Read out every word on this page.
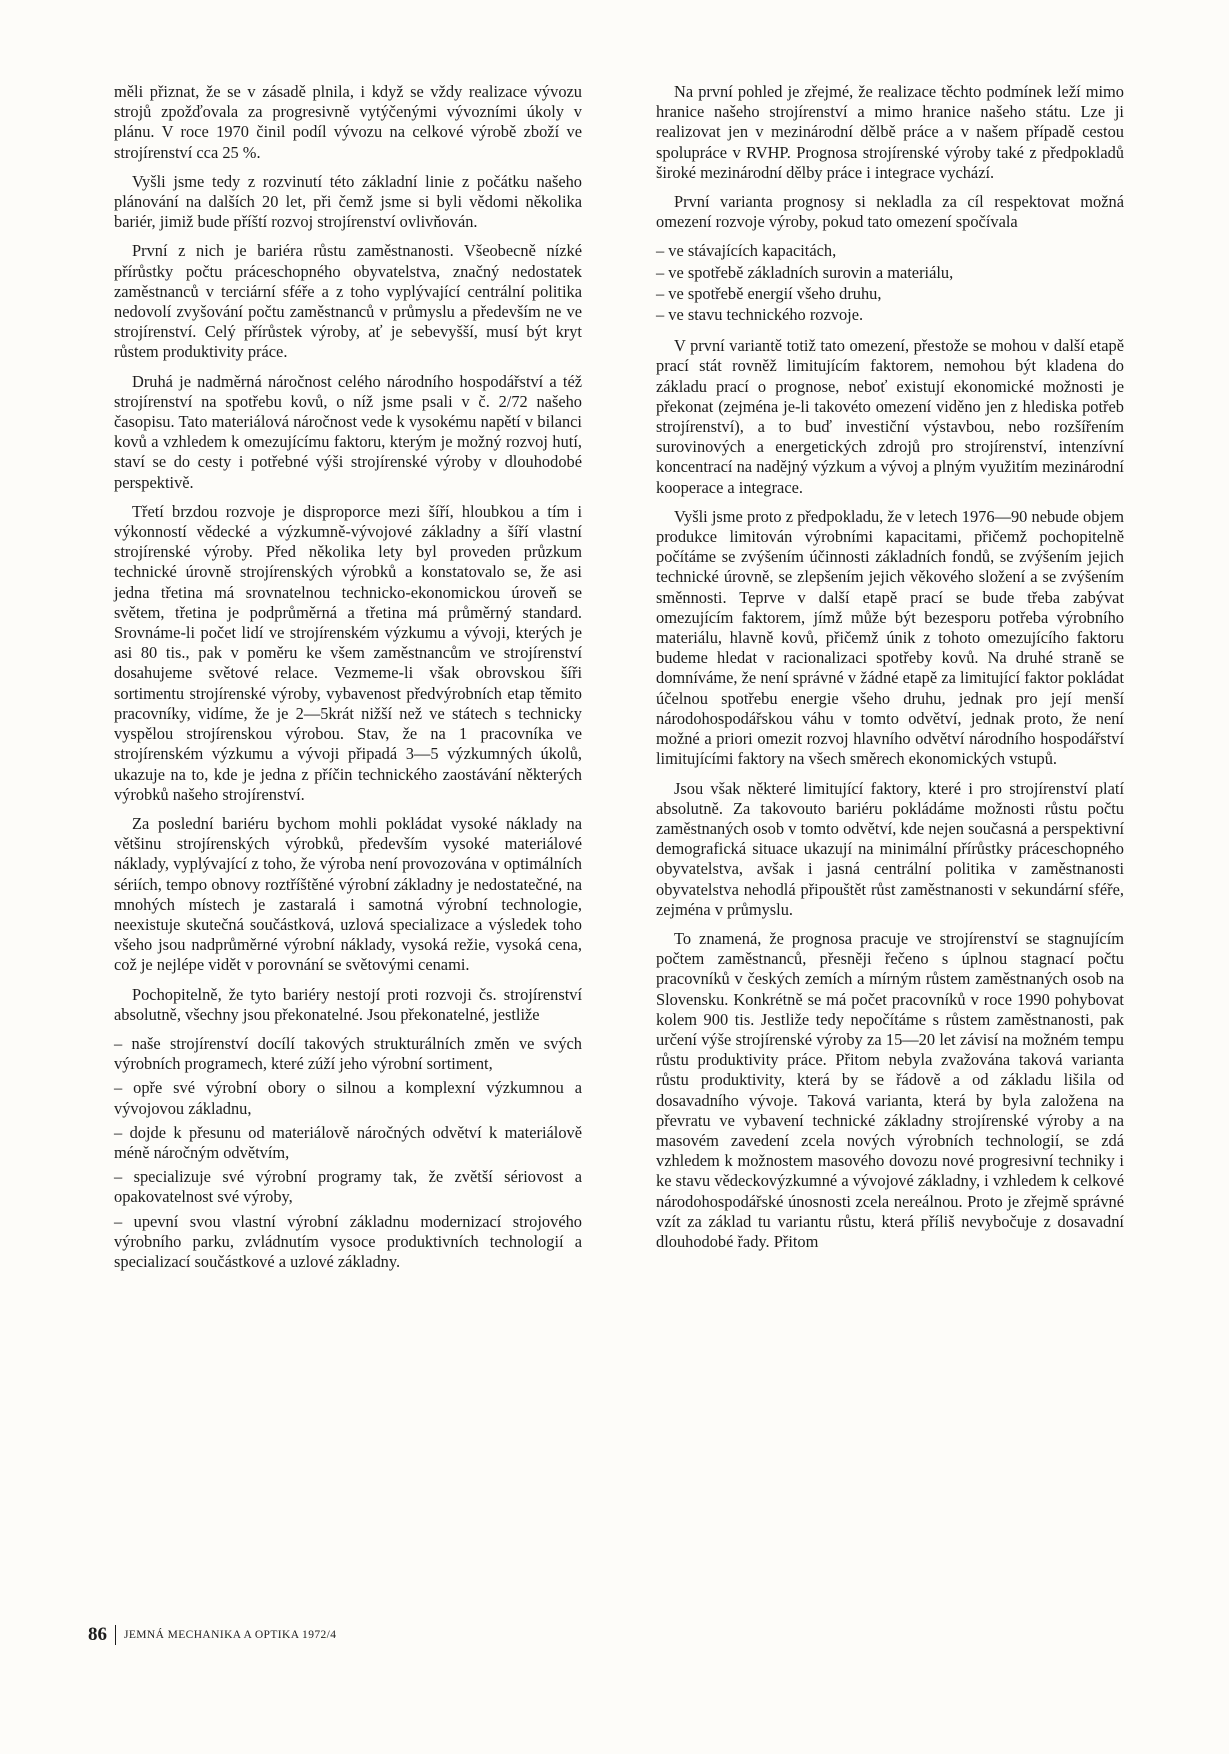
měli přiznat, že se v zásadě plnila, i když se vždy realizace vývozu strojů zpožďovala za progresivně vytýčenými vývozními úkoly v plánu. V roce 1970 činil podíl vývozu na celkové výrobě zboží ve strojírenství cca 25 %.

Vyšli jsme tedy z rozvinutí této základní linie z počátku našeho plánování na dalších 20 let, při čemž jsme si byli vědomi několika bariér, jimiž bude příští rozvoj strojírenství ovlivňován.

První z nich je bariéra růstu zaměstnanosti. Všeobecně nízké přírůstky počtu práceschopného obyvatelstva, značný nedostatek zaměstnanců v terciární sféře a z toho vyplývající centrální politika nedovolí zvyšování počtu zaměstnanců v průmyslu a především ne ve strojírenství. Celý přírůstek výroby, ať je sebevyšší, musí být kryt růstem produktivity práce.

Druhá je nadměrná náročnost celého národního hospodářství a též strojírenství na spotřebu kovů, o níž jsme psali v č. 2/72 našeho časopisu. Tato materiálová náročnost vede k vysokému napětí v bilanci kovů a vzhledem k omezujícímu faktoru, kterým je možný rozvoj hutí, staví se do cesty i potřebné výši strojírenské výroby v dlouhodobé perspektivě.

Třetí brzdou rozvoje je disproporce mezi šíří, hloubkou a tím i výkonností vědecké a výzkumně-vývojové základny a šíří vlastní strojírenské výroby. Před několika lety byl proveden průzkum technické úrovně strojírenských výrobků a konstatovalo se, že asi jedna třetina má srovnatelnou technicko-ekonomickou úroveň se světem, třetina je podprůměrná a třetina má průměrný standard. Srovnáme-li počet lidí ve strojírenském výzkumu a vývoji, kterých je asi 80 tis., pak v poměru ke všem zaměstnancům ve strojírenství dosahujeme světové relace. Vezmeme-li však obrovskou šíři sortimentu strojírenské výroby, vybavenost předvýrobních etap těmito pracovníky, vidíme, že je 2—5krát nižší než ve státech s technicky vyspělou strojírenskou výrobou. Stav, že na 1 pracovníka ve strojírenském výzkumu a vývoji připadá 3—5 výzkumných úkolů, ukazuje na to, kde je jedna z příčin technického zaostávání některých výrobků našeho strojírenství.

Za poslední bariéru bychom mohli pokládat vysoké náklady na většinu strojírenských výrobků, především vysoké materiálové náklady, vyplývající z toho, že výroba není provozována v optimálních sériích, tempo obnovy roztříštěné výrobní základny je nedostatečné, na mnohých místech je zastaralá i samotná výrobní technologie, neexistuje skutečná součástková, uzlová specializace a výsledek toho všeho jsou nadprůměrné výrobní náklady, vysoká režie, vysoká cena, což je nejlépe vidět v porovnání se světovými cenami.

Pochopitelně, že tyto bariéry nestojí proti rozvoji čs. strojírenství absolutně, všechny jsou překonatelné. Jsou překonatelné, jestliže

– naše strojírenství docílí takových strukturálních změn ve svých výrobních programech, které zúží jeho výrobní sortiment,
– opře své výrobní obory o silnou a komplexní výzkumnou a vývojovou základnu,
– dojde k přesunu od materiálově náročných odvětví k materiálově méně náročným odvětvím,
– specializuje své výrobní programy tak, že zvětší sériovost a opakovatelnost své výroby,
– upevní svou vlastní výrobní základnu modernizací strojového výrobního parku, zvládnutím vysoce produktivních technologií a specializací součástkové a uzlové základny.

Na první pohled je zřejmé, že realizace těchto podmínek leží mimo hranice našeho strojírenství a mimo hranice našeho státu. Lze ji realizovat jen v mezinárodní dělbě práce a v našem případě cestou spolupráce v RVHP. Prognosa strojírenské výroby také z předpokladů široké mezinárodní dělby práce i integrace vychází.

První varianta prognosy si nekladla za cíl respektovat možná omezení rozvoje výroby, pokud tato omezení spočívala

– ve stávajících kapacitách,
– ve spotřebě základních surovin a materiálu,
– ve spotřebě energií všeho druhu,
– ve stavu technického rozvoje.

V první variantě totiž tato omezení, přestože se mohou v další etapě prací stát rovněž limitujícím faktorem, nemohou být kladena do základu prací o prognose, neboť existují ekonomické možnosti je překonat (zejména je-li takovéto omezení viděno jen z hlediska potřeb strojírenství), a to buď investiční výstavbou, nebo rozšířením surovinových a energetických zdrojů pro strojírenství, intenzívní koncentrací na nadějný výzkum a vývoj a plným využitím mezinárodní kooperace a integrace.

Vyšli jsme proto z předpokladu, že v letech 1976—90 nebude objem produkce limitován výrobními kapacitami, přičemž pochopitelně počítáme se zvýšením účinnosti základních fondů, se zvýšením jejich technické úrovně, se zlepšením jejich věkového složení a se zvýšením směnnosti. Teprve v další etapě prací se bude třeba zabývat omezujícím faktorem, jímž může být bezesporu potřeba výrobního materiálu, hlavně kovů, přičemž únik z tohoto omezujícího faktoru budeme hledat v racionalizaci spotřeby kovů. Na druhé straně se domníváme, že není správné v žádné etapě za limitující faktor pokládat účelnou spotřebu energie všeho druhu, jednak pro její menší národohospodářskou váhu v tomto odvětví, jednak proto, že není možné a priori omezit rozvoj hlavního odvětví národního hospodářství limitujícími faktory na všech směrech ekonomických vstupů.

Jsou však některé limitující faktory, které i pro strojírenství platí absolutně. Za takovouto bariéru pokládáme možnosti růstu počtu zaměstnaných osob v tomto odvětví, kde nejen současná a perspektivní demografická situace ukazují na minimální přírůstky práceschopného obyvatelstva, avšak i jasná centrální politika v zaměstnanosti obyvatelstva nehodlá připouštět růst zaměstnanosti v sekundární sféře, zejména v průmyslu.

To znamená, že prognosa pracuje ve strojírenství se stagnujícím počtem zaměstnanců, přesněji řečeno s úplnou stagnací počtu pracovníků v českých zemích a mírným růstem zaměstnaných osob na Slovensku. Konkrétně se má počet pracovníků v roce 1990 pohybovat kolem 900 tis. Jestliže tedy nepočítáme s růstem zaměstnanosti, pak určení výše strojírenské výroby za 15—20 let závisí na možném tempu růstu produktivity práce. Přitom nebyla zvažována taková varianta růstu produktivity, která by se řádově a od základu lišila od dosavadního vývoje. Taková varianta, která by byla založena na převratu ve vybavení technické základny strojírenské výroby a na masovém zavedení zcela nových výrobních technologií, se zdá vzhledem k možnostem masového dovozu nové progresivní techniky i ke stavu vědeckovýzkumné a vývojové základny, i vzhledem k celkové národohospodářské únosnosti zcela nereálnou. Proto je zřejmě správné vzít za základ tu variantu růstu, která příliš nevybočuje z dosavadní dlouhodobé řady. Přitom

86 JEMNÁ MECHANIKA A OPTIKA 1972/4
